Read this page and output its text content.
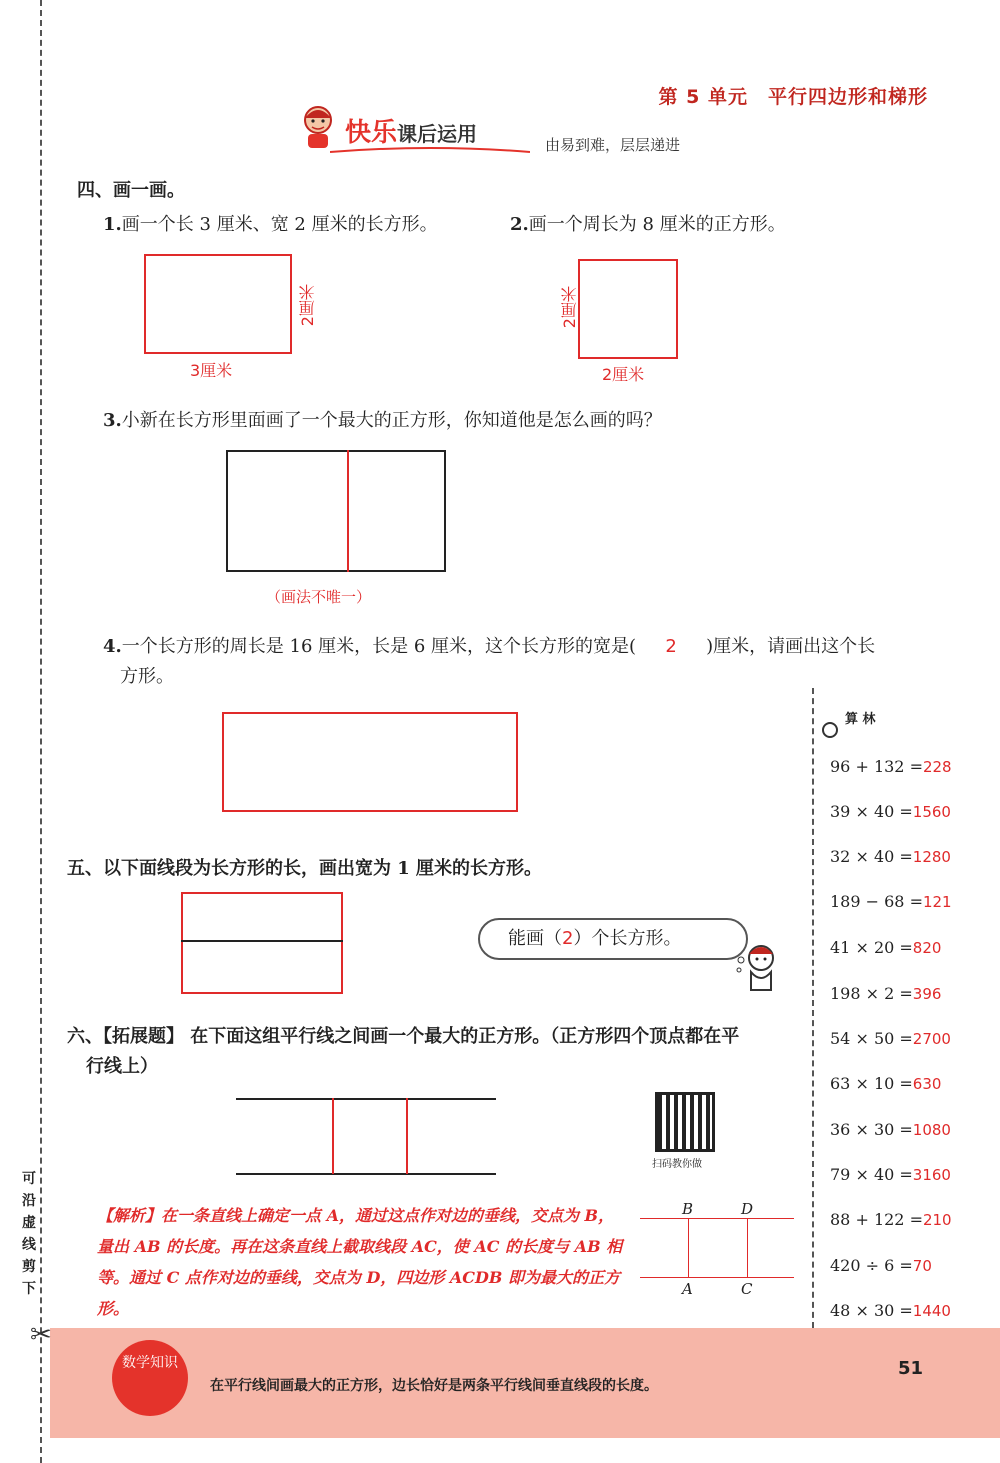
可沿虚线剪下
第 5 单元　平行四边形和梯形
快乐课后运用	由易到难，层层递进
四、画一画。
1.画一个长 3 厘米、宽 2 厘米的长方形。
3厘米
2厘米
2.画一个周长为 8 厘米的正方形。
2厘米
2厘米
3.小新在长方形里面画了一个最大的正方形，你知道他是怎么画的吗？
（画法不唯一）
4.一个长方形的周长是 16 厘米，长是 6 厘米，这个长方形的宽是( 2 )厘米，请画出这个长
方形。
五、以下面线段为长方形的长，画出宽为 1 厘米的长方形。
能画（2）个长方形。
六、【拓展题】 在下面这组平行线之间画一个最大的正方形。（正方形四个顶点都在平
行线上）
扫码教你做
【解析】在一条直线上确定一点 A，通过这点作对边的垂线，交点为 B，量出 AB 的长度。再在这条直线上截取线段 AC，使 AC 的长度与 AB 相等。通过 C 点作对边的垂线，交点为 D，四边形 ACDB 即为最大的正方形。
B	D
A	C
算 林
96 + 132 =228
39 × 40 =1560
32 × 40 =1280
189 − 68 =121
41 × 20 =820
198 × 2 =396
54 × 50 =2700
63 × 10 =630
36 × 30 =1080
79 × 40 =3160
88 + 122 =210
420 ÷ 6 =70
48 × 30 =1440
数学知识
在平行线间画最大的正方形，边长恰好是两条平行线间垂直线段的长度。
51
✂
